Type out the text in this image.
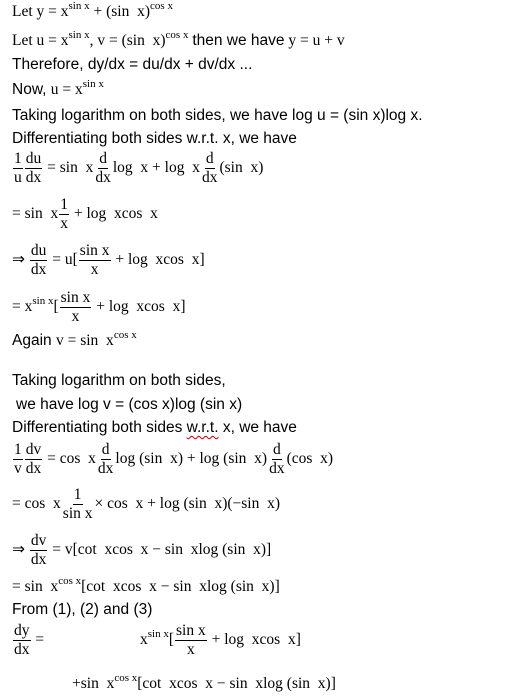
Let $y = x^{sin x} + (\sin$  x)$^{cos x}$
Let $u = x^{sin x}$, v = (sin  x)$^{cos x}$ then we have y = u + v
Therefore, dy/dx = du/dx + dv/dx ...
Now, $u = x^{sin x}$
Taking logarithm on both sides, we have log u = (sin x)log x.
Differentiating both sides w.r.t. x, we have
$\frac{1}{u} \frac{du}{dx} = \sin x \frac{d}{dx}$ log  x + log  x $\frac{d}{dx} (\sin$  x)
= sin  x $\frac{1}{x} + \log xcos$  x
⇒ $\frac{du}{dx} = u[ \frac{\text{sin x}}{x} + \log xcos$  x]
= $x^{sin x}[ \frac{\text{sin x}}{x} + \log xcos$  x]
Again $v = \sin x^{cos x}$
Taking logarithm on both sides,
we have log v = (cos x)log (sin x)
Differentiating both sides w.r.t. x, we have
$\frac{1}{v} \frac{dv}{dx} = \cos x \frac{d}{dx}$ log (sin  x) + log (sin  $x) \frac{d}{dx} (\cos$  x)
= cos  x $\frac{1}{\text{sin x}} \times \cos x + \log (\sin$  x)(−sin  x)
⇒ $\frac{dv}{dx} = v[\cot$  xcos  x − sin  xlog (sin  x)]
= $\sin x^{cos x}[\cot$  xcos  x − sin  xlog (sin  x)]
From (1), (2) and (3)
$\frac{dy}{dx}$ =	$x^{sin x}[ \frac{\text{sin x}}{x} + \log xcos$  x]
+sin  $x^{cos x}[\cot$  xcos  x − sin  xlog (sin  x)]
